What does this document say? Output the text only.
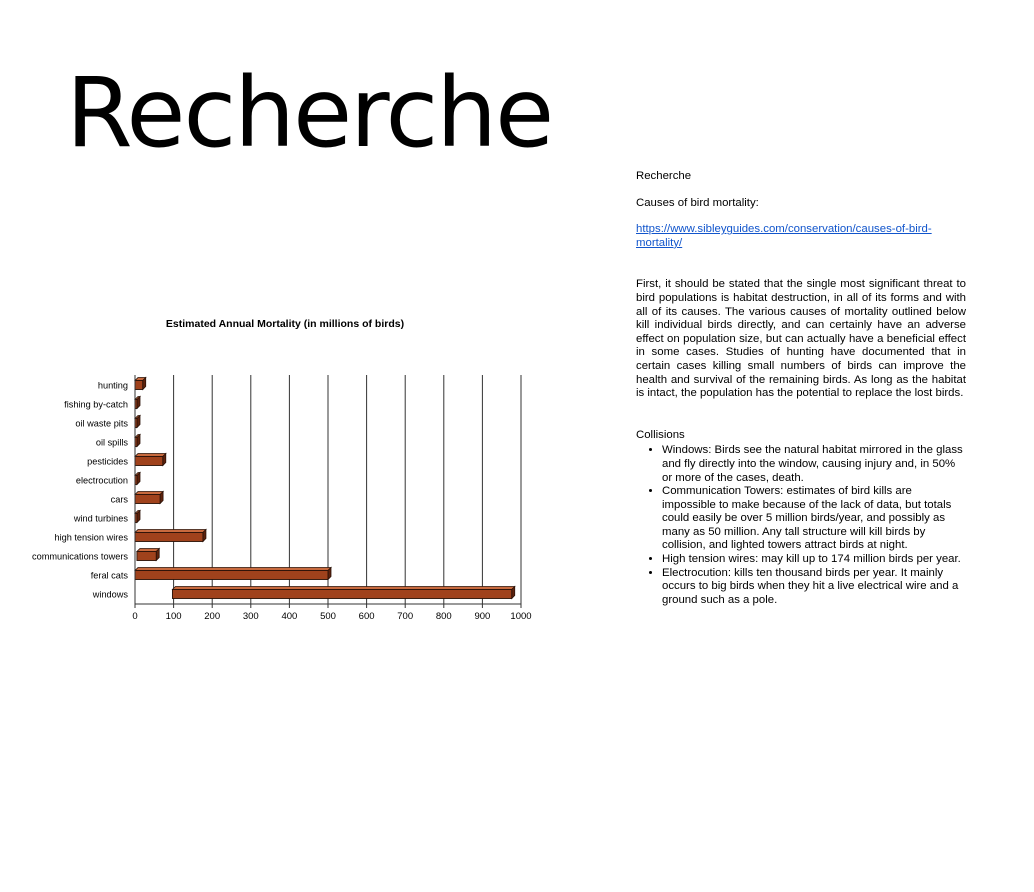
Recherche
Estimated Annual Mortality (in millions of birds)
hunting
fishing by-catch
oil waste pits
oil spills
pesticides
electrocution
cars
wind turbines
high tension wires
communications towers
feral cats
windows
0	100 200 300 400 500 600 700 800 900 1000

Recherche

Causes of bird mortality:

https://www.sibleyguides.com/conservation/causes-of-bird-mortality/

First, it should be stated that the single most significant threat to bird populations is habitat destruction, in all of its forms and with all of its causes. The various causes of mortality outlined below kill individual birds directly, and can certainly have an adverse effect on population size, but can actually have a beneficial effect in some cases. Studies of hunting have documented that in certain cases killing small numbers of birds can improve the health and survival of the remaining birds. As long as the habitat is intact, the population has the potential to replace the lost birds.

Collisions

• Windows: Birds see the natural habitat mirrored in the glass and fly directly into the window, causing injury and, in 50% or more of the cases, death.
• Communication Towers: estimates of bird kills are impossible to make because of the lack of data, but totals could easily be over 5 million birds/year, and possibly as many as 50 million. Any tall structure will kill birds by collision, and lighted towers attract birds at night.
• High tension wires: may kill up to 174 million birds per year.
• Electrocution: kills ten thousand birds per year. It mainly occurs to big birds when they hit a live electrical wire and a ground such as a pole.
